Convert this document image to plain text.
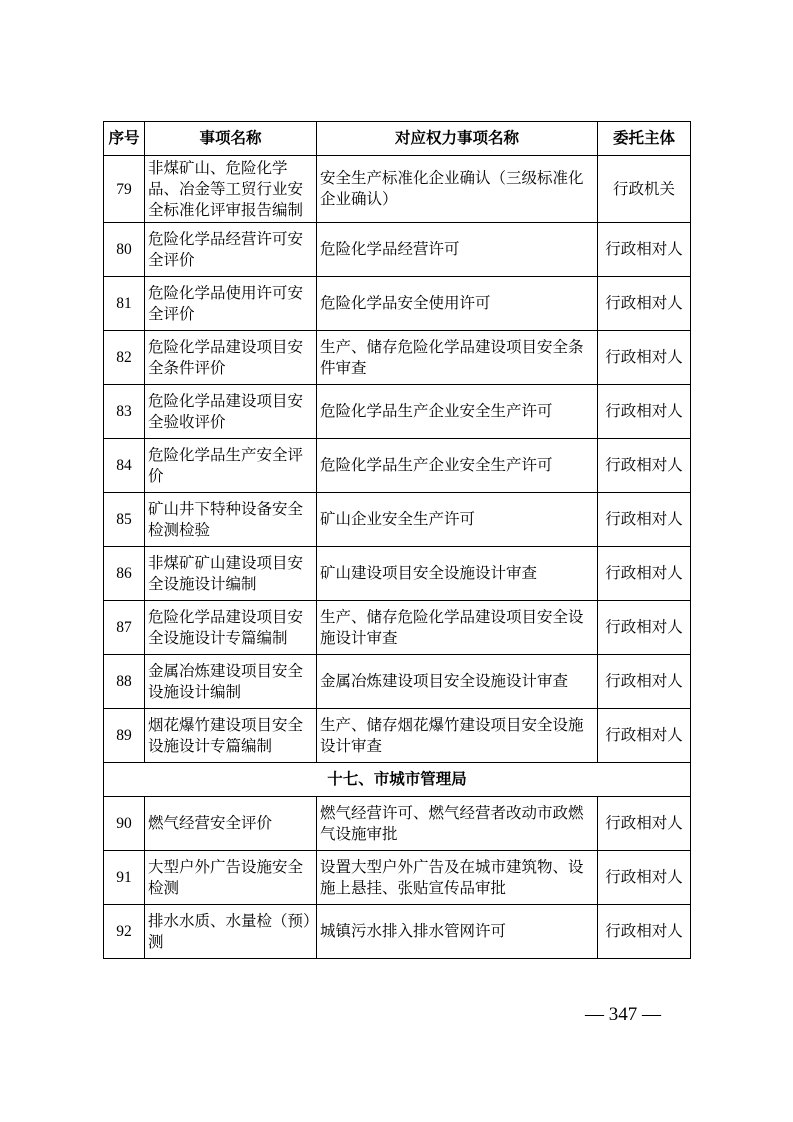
序号	事项名称	对应权力事项名称	委托主体
79	非煤矿山、危险化学品、冶金等工贸行业安全标准化评审报告编制	安全生产标准化企业确认（三级标准化企业确认）	行政机关
80	危险化学品经营许可安全评价	危险化学品经营许可	行政相对人
81	危险化学品使用许可安全评价	危险化学品安全使用许可	行政相对人
82	危险化学品建设项目安全条件评价	生产、储存危险化学品建设项目安全条件审查	行政相对人
83	危险化学品建设项目安全验收评价	危险化学品生产企业安全生产许可	行政相对人
84	危险化学品生产安全评价	危险化学品生产企业安全生产许可	行政相对人
85	矿山井下特种设备安全检测检验	矿山企业安全生产许可	行政相对人
86	非煤矿矿山建设项目安全设施设计编制	矿山建设项目安全设施设计审查	行政相对人
87	危险化学品建设项目安全设施设计专篇编制	生产、储存危险化学品建设项目安全设施设计审查	行政相对人
88	金属冶炼建设项目安全设施设计编制	金属冶炼建设项目安全设施设计审查	行政相对人
89	烟花爆竹建设项目安全设施设计专篇编制	生产、储存烟花爆竹建设项目安全设施设计审查	行政相对人
十七、市城市管理局			
90	燃气经营安全评价	燃气经营许可、燃气经营者改动市政燃气设施审批	行政相对人
91	大型户外广告设施安全检测	设置大型户外广告及在城市建筑物、设施上悬挂、张贴宣传品审批	行政相对人
92	排水水质、水量检（预）测	城镇污水排入排水管网许可	行政相对人
— 347 —
